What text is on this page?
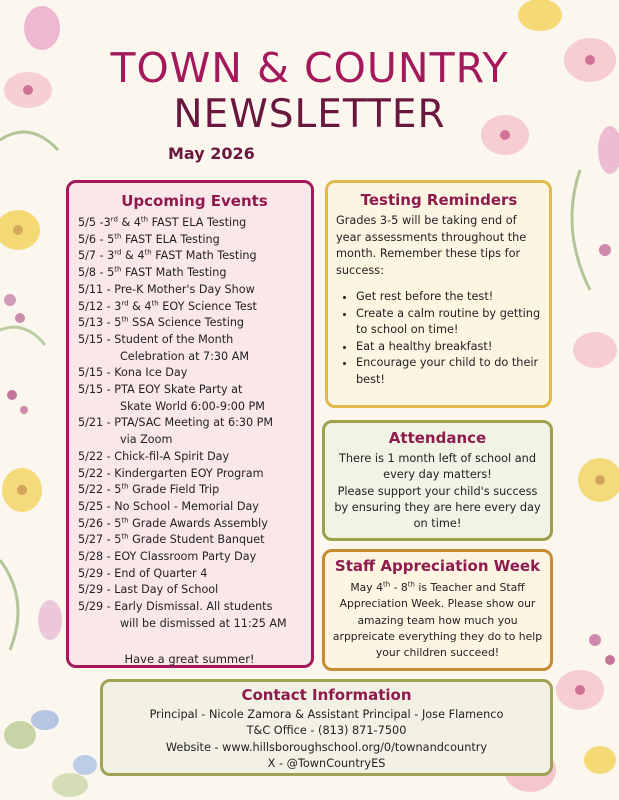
TOWN & COUNTRY
NEWSLETTER
May 2026
Upcoming Events
5/5 -3rd & 4th FAST ELA Testing
5/6 - 5th FAST ELA Testing
5/7 - 3rd & 4th FAST Math Testing
5/8 - 5th FAST Math Testing
5/11 - Pre-K Mother's Day Show
5/12 - 3rd & 4th EOY Science Test
5/13 - 5th SSA Science Testing
5/15 - Student of the Month
Celebration at 7:30 AM
5/15 - Kona Ice Day
5/15 - PTA EOY Skate Party at
Skate World 6:00-9:00 PM
5/21 - PTA/SAC Meeting at 6:30 PM
via Zoom
5/22 - Chick-fil-A Spirit Day
5/22 - Kindergarten EOY Program
5/22 - 5th Grade Field Trip
5/25 - No School - Memorial Day
5/26 - 5th Grade Awards Assembly
5/27 - 5th Grade Student Banquet
5/28 - EOY Classroom Party Day
5/29 - End of Quarter 4
5/29 - Last Day of School
5/29 - Early Dismissal. All students
will be dismissed at 11:25 AM
Have a great summer!
Testing Reminders

Grades 3-5 will be taking end of year assessments throughout the month. Remember these tips for success:

• Get rest before the test!
• Create a calm routine by getting to school on time!
• Eat a healthy breakfast!
• Encourage your child to do their best!
Attendance

There is 1 month left of school and every day matters!
Please support your child's success by ensuring they are here every day on time!

Staff Appreciation Week

May 4th - 8th is Teacher and Staff Appreciation Week. Please show our amazing team how much you arppreicate everything they do to help your children succeed!

Contact Information

Principal - Nicole Zamora & Assistant Principal - Jose Flamenco
T&C Office - (813) 871-7500
Website - www.hillsboroughschool.org/0/townandcountry
X - @TownCountryES
